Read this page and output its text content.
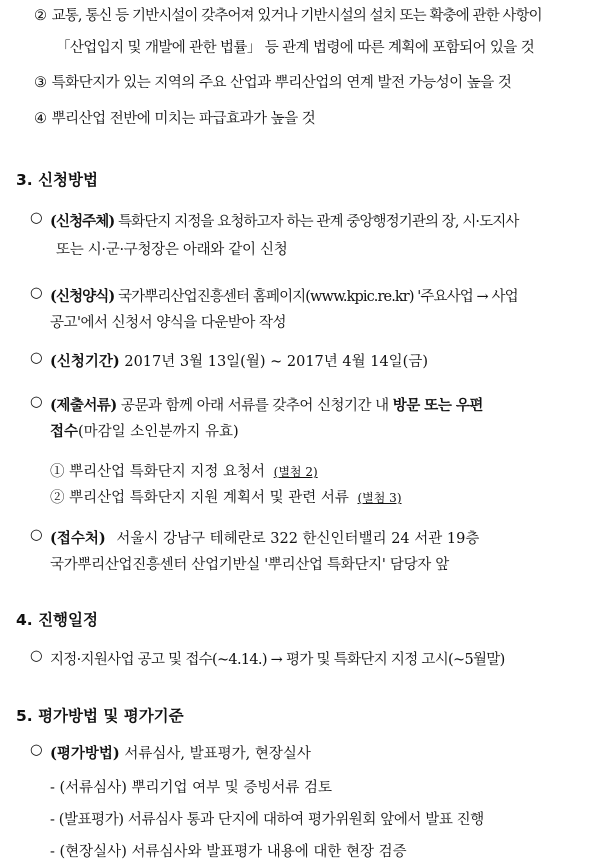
② 교통, 통신 등 기반시설이 갖추어져 있거나 기반시설의 설치 또는 확충에 관한 사항이
「산업입지 및 개발에 관한 법률」 등 관계 법령에 따른 계획에 포함되어 있을 것
③ 특화단지가 있는 지역의 주요 산업과 뿌리산업의 연계 발전 가능성이 높을 것
④ 뿌리산업 전반에 미치는 파급효과가 높을 것
3. 신청방법
○ (신청주체) 특화단지 지정을 요청하고자 하는 관계 중앙행정기관의 장, 시·도지사
또는 시·군·구청장은 아래와 같이 신청
○ (신청양식) 국가뿌리산업진흥센터 홈페이지(www.kpic.re.kr) '주요사업 → 사업
공고'에서 신청서 양식을 다운받아 작성
○ (신청기간) 2017년 3월 13일(월) ~ 2017년 4월 14일(금)
○ (제출서류) 공문과 함께 아래 서류를 갖추어 신청기간 내 방문 또는 우편
접수(마감일 소인분까지 유효)
① 뿌리산업 특화단지 지정 요청서 (별첨 2)
② 뿌리산업 특화단지 지원 계획서 및 관련 서류 (별첨 3)
○ (접수처) 서울시 강남구 테헤란로 322 한신인터밸리 24 서관 19층
국가뿌리산업진흥센터 산업기반실 '뿌리산업 특화단지' 담당자 앞
4. 진행일정
○ 지정·지원사업 공고 및 접수(~4.14.) → 평가 및 특화단지 지정 고시(~5월말)
5. 평가방법 및 평가기준
○ (평가방법) 서류심사, 발표평가, 현장실사
- (서류심사) 뿌리기업 여부 및 증빙서류 검토
- (발표평가) 서류심사 통과 단지에 대하여 평가위원회 앞에서 발표 진행
- (현장실사) 서류심사와 발표평가 내용에 대한 현장 검증
